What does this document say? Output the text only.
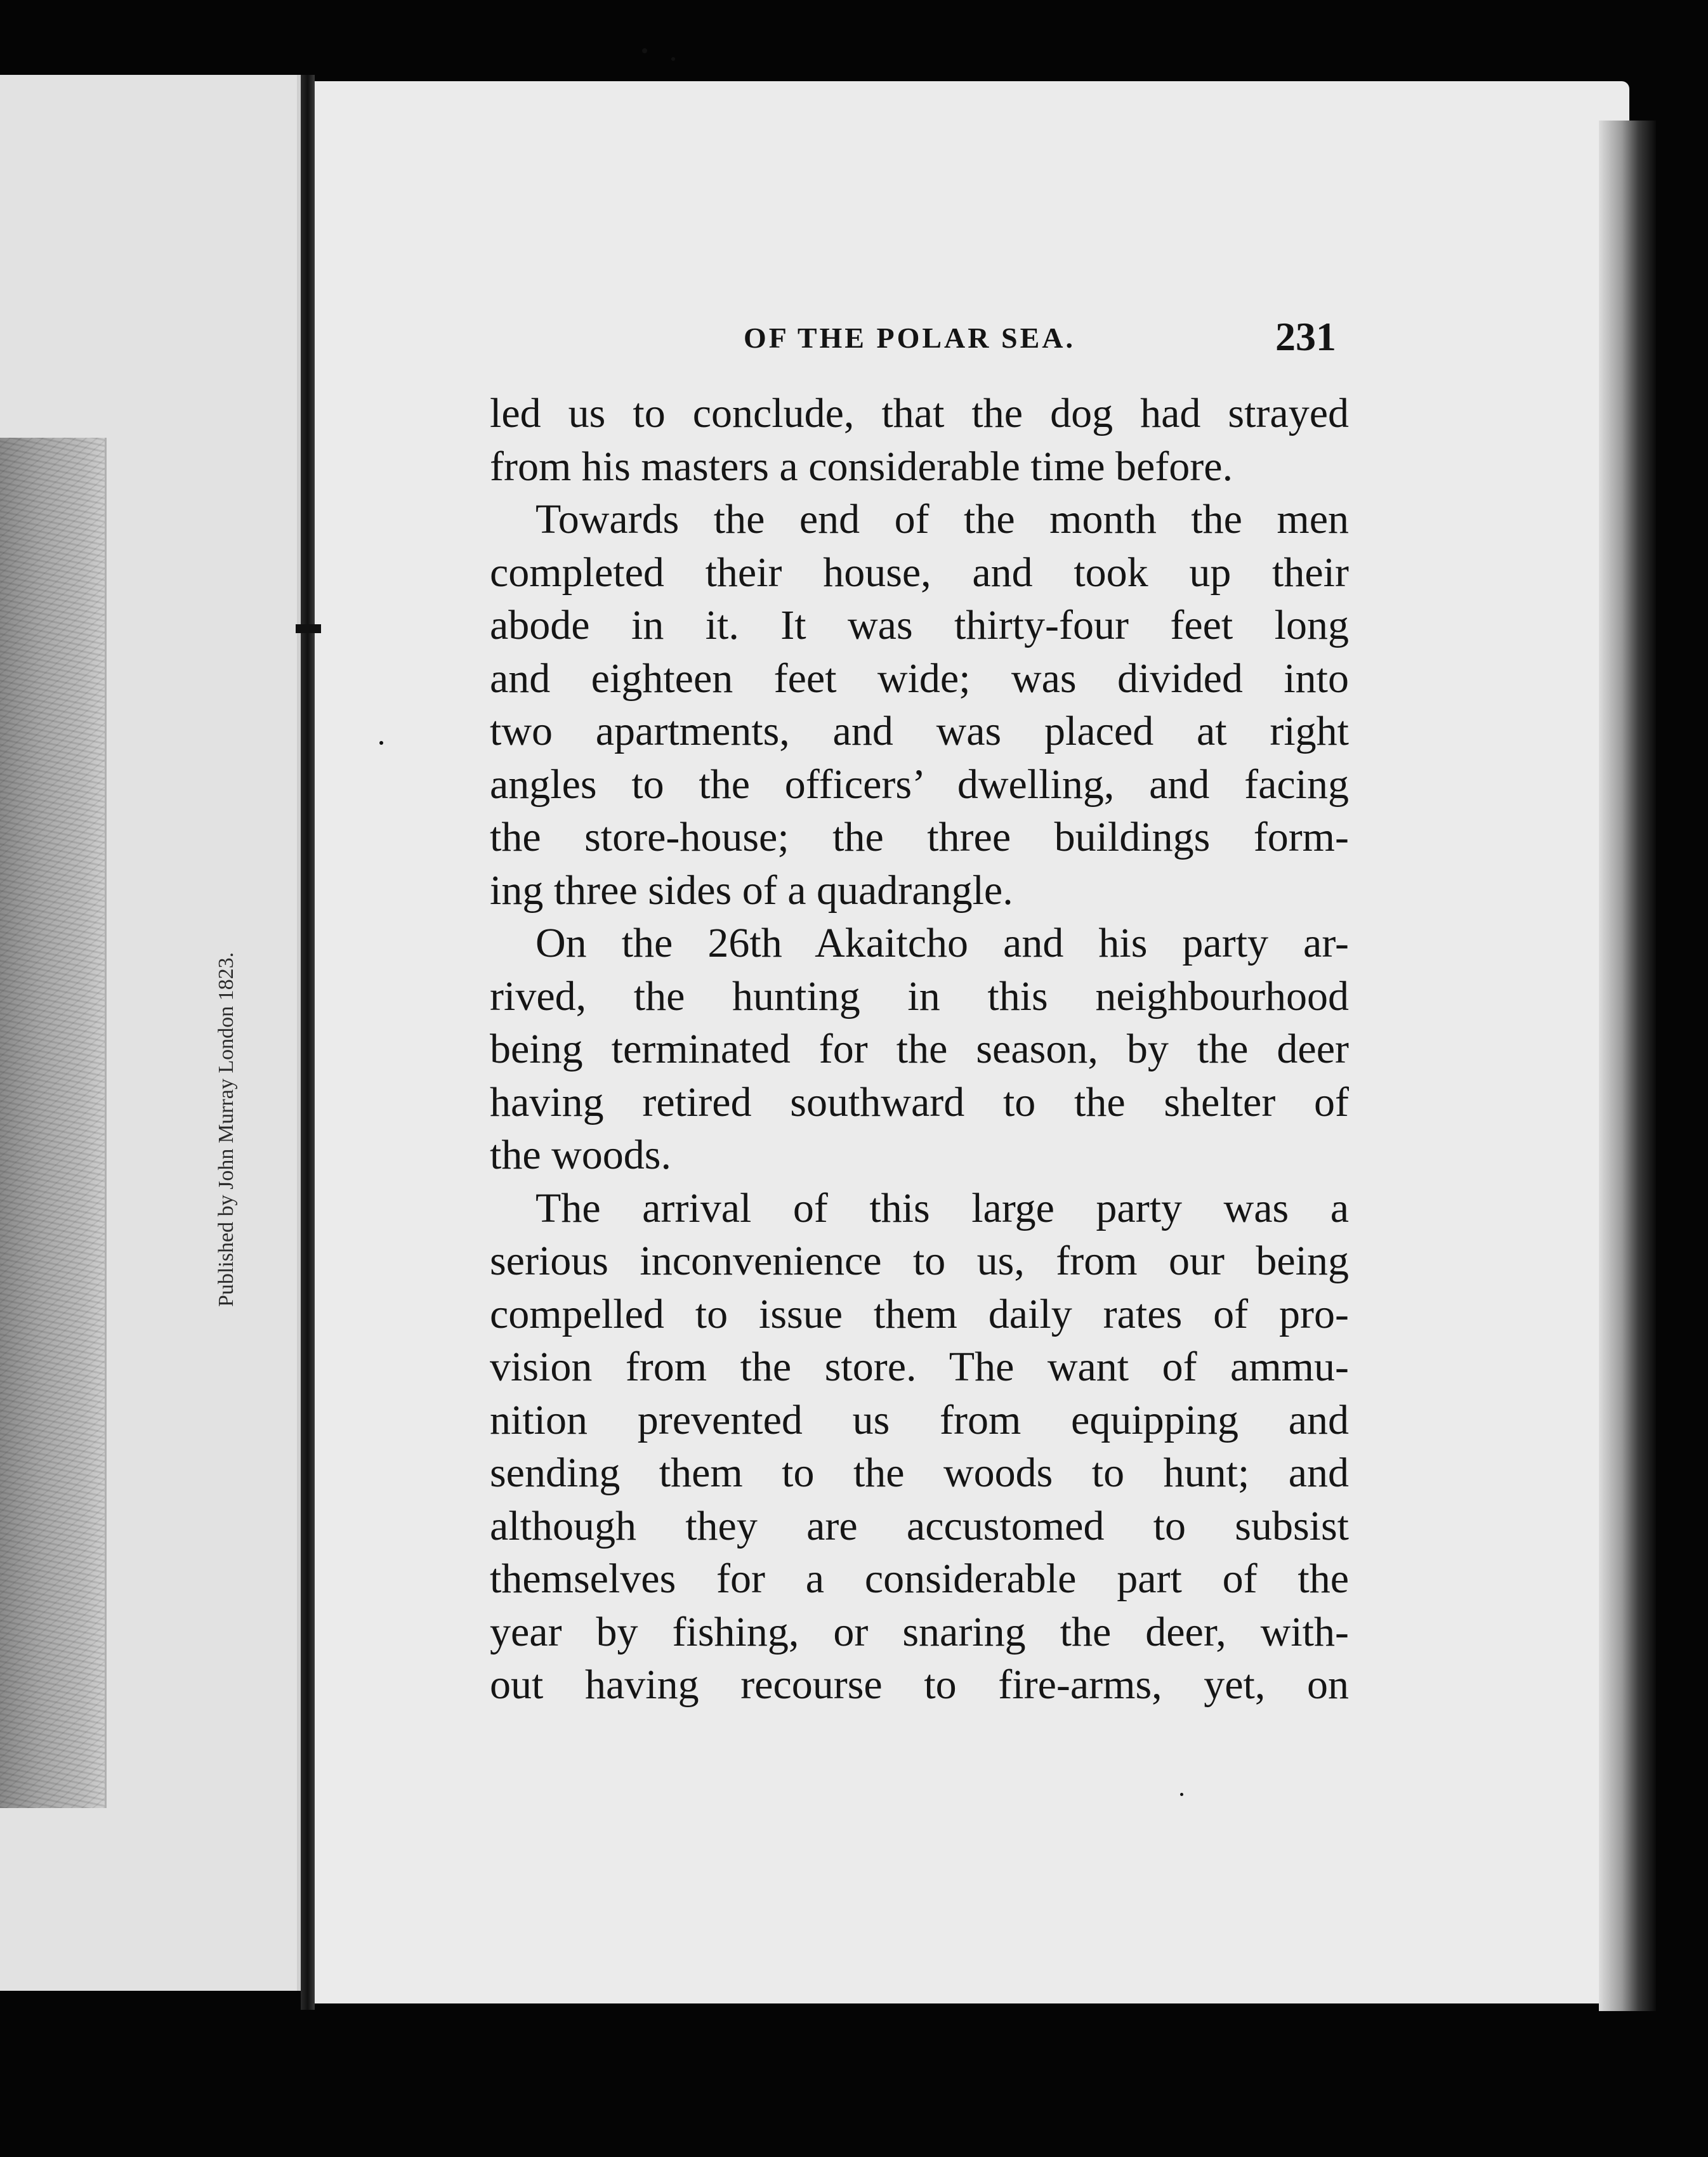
Published by John Murray London 1823.
OF THE POLAR SEA.	231
led us to conclude, that the dog had strayed
from his masters a considerable time before.
Towards the end of the month the men
completed their house, and took up their
abode in it. It was thirty-four feet long
and eighteen feet wide; was divided into
two apartments, and was placed at right
angles to the officers’ dwelling, and facing
the store-house; the three buildings form-
ing three sides of a quadrangle.
On the 26th Akaitcho and his party ar-
rived, the hunting in this neighbourhood
being terminated for the season, by the deer
having retired southward to the shelter of
the woods.
The arrival of this large party was a
serious inconvenience to us, from our being
compelled to issue them daily rates of pro-
vision from the store. The want of ammu-
nition prevented us from equipping and
sending them to the woods to hunt; and
although they are accustomed to subsist
themselves for a considerable part of the
year by fishing, or snaring the deer, with-
out having recourse to fire-arms, yet, on
